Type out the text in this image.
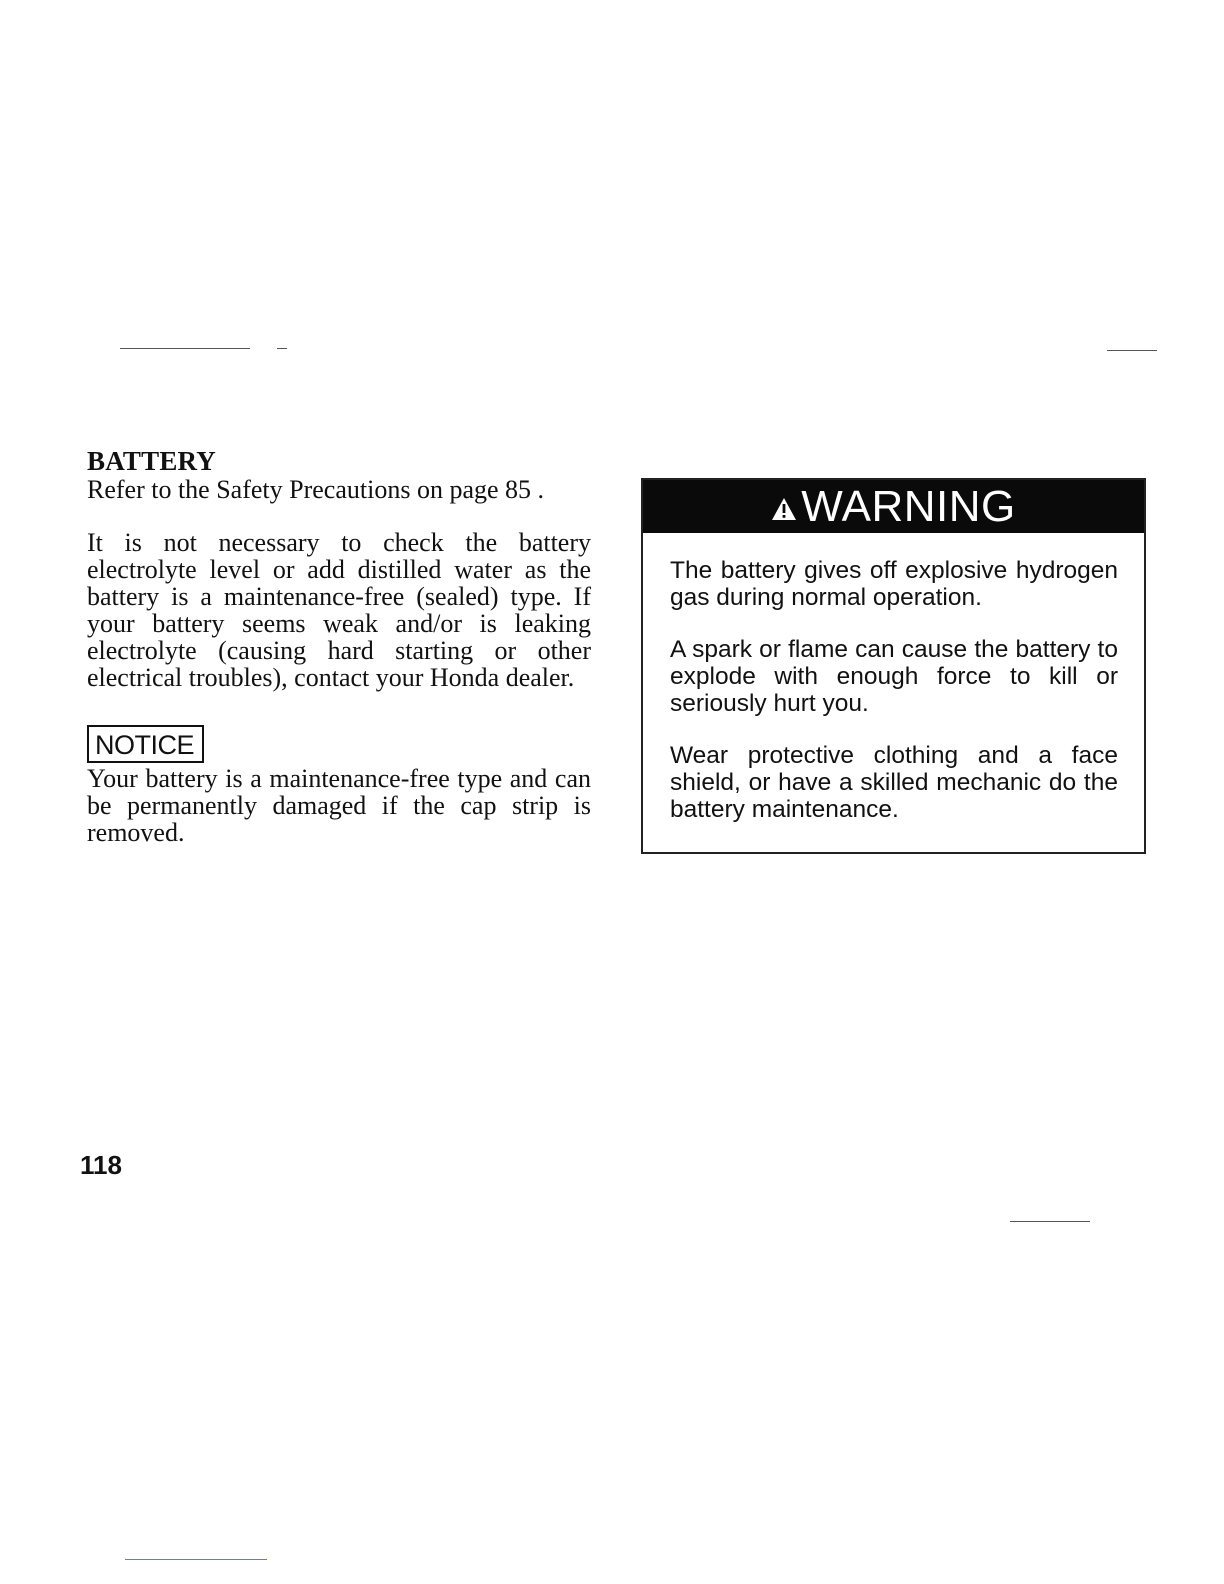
BATTERY

Refer to the Safety Precautions on page 85 .

It is not necessary to check the battery electrolyte level or add distilled water as the battery is a maintenance-free (sealed) type. If your battery seems weak and/or is leaking electrolyte (causing hard starting or other electrical troubles), contact your Honda dealer.

NOTICE

Your battery is a maintenance-free type and can be permanently damaged if the cap strip is removed.

WARNING

The battery gives off explosive hydrogen gas during normal operation.

A spark or flame can cause the battery to explode with enough force to kill or seriously hurt you.

Wear protective clothing and a face shield, or have a skilled mechanic do the battery maintenance.

118
